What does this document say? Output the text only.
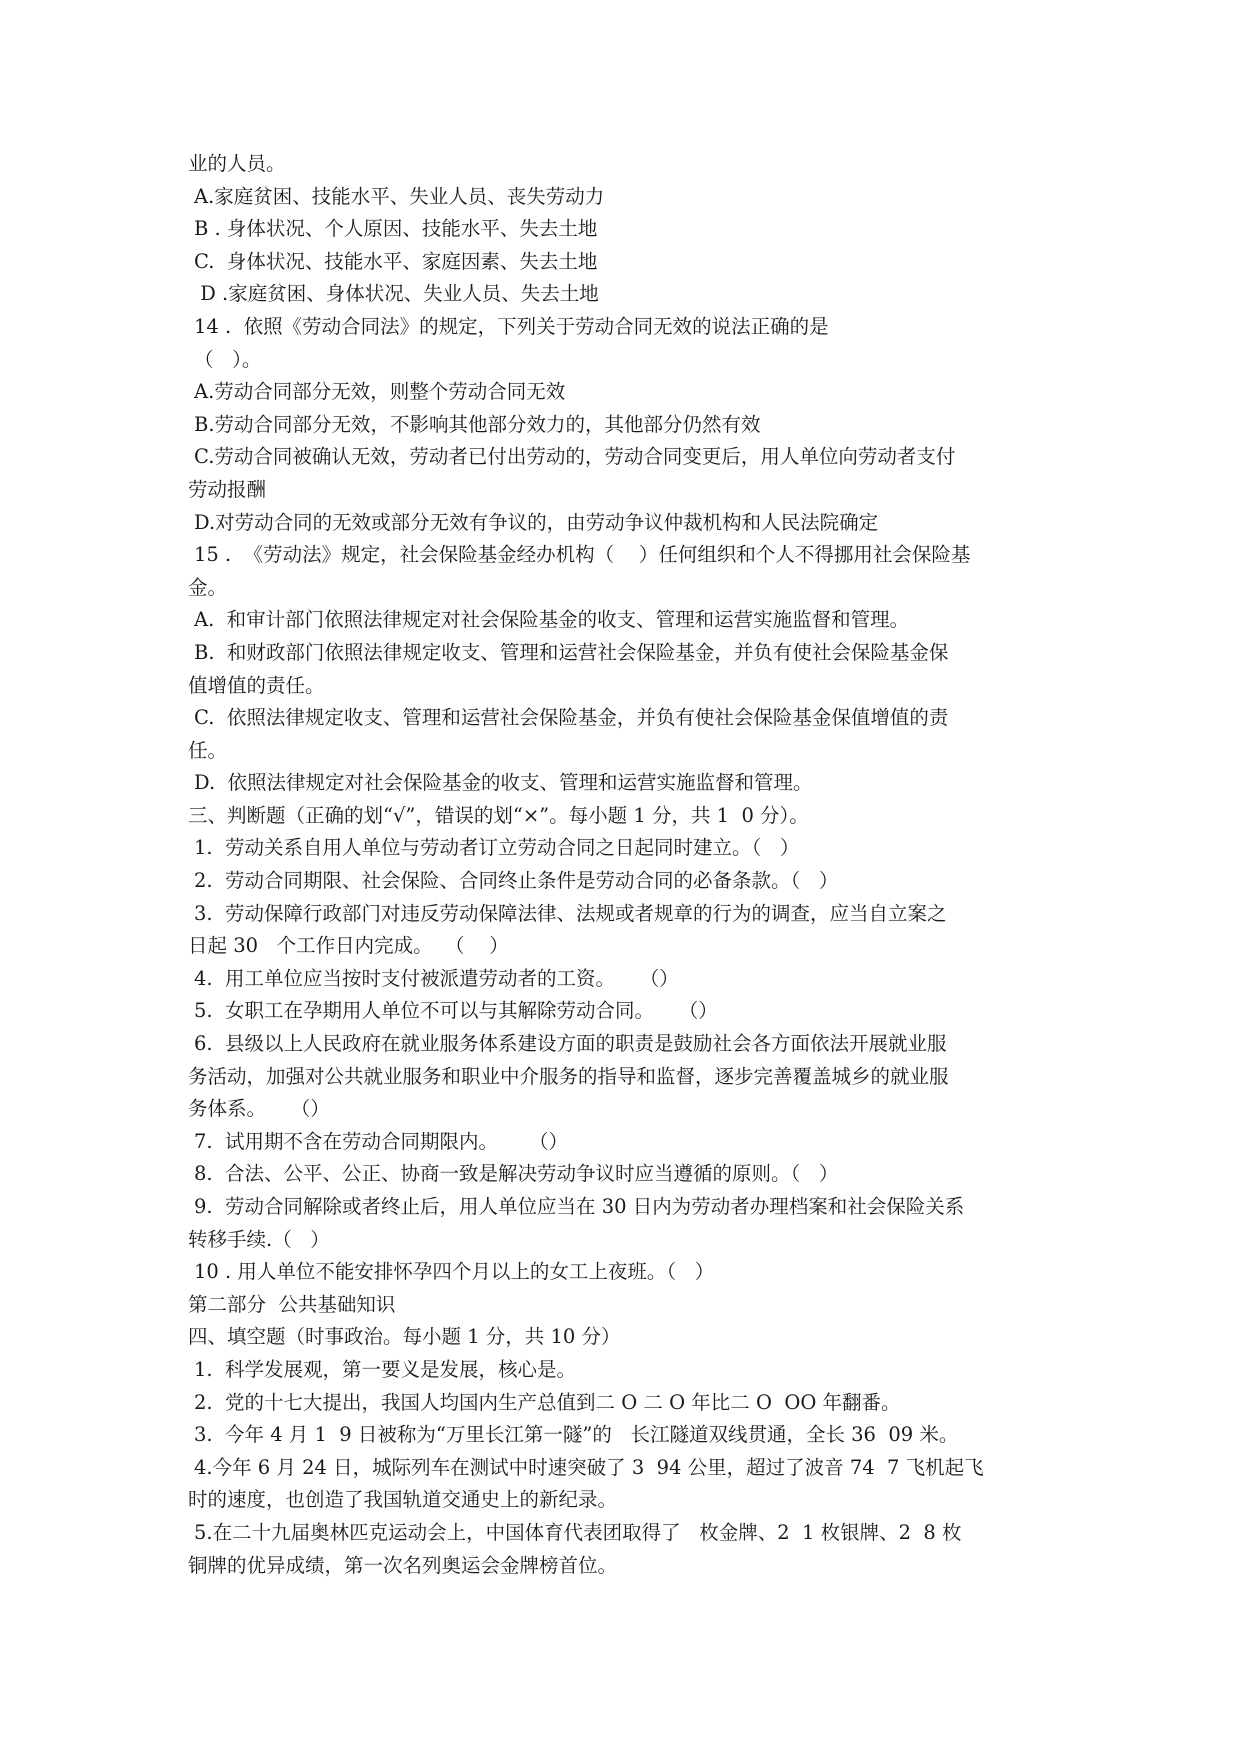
业的人员。
A.家庭贫困、技能水平、失业人员、丧失劳动力
B . 身体状况、个人原因、技能水平、失去土地
C.  身体状况、技能水平、家庭因素、失去土地
D .家庭贫困、身体状况、失业人员、失去土地
14 .  依照《劳动合同法》的规定，下列关于劳动合同无效的说法正确的是
（   ）。
A.劳动合同部分无效，则整个劳动合同无效
B.劳动合同部分无效，不影响其他部分效力的，其他部分仍然有效
C.劳动合同被确认无效，劳动者已付出劳动的，劳动合同变更后，用人单位向劳动者支付
劳动报酬
D.对劳动合同的无效或部分无效有争议的，由劳动争议仲裁机构和人民法院确定
15 .  《劳动法》规定，社会保险基金经办机构（    ）任何组织和个人不得挪用社会保险基
金。
A.  和审计部门依照法律规定对社会保险基金的收支、管理和运营实施监督和管理。
B.  和财政部门依照法律规定收支、管理和运营社会保险基金，并负有使社会保险基金保
值增值的责任。
C.  依照法律规定收支、管理和运营社会保险基金，并负有使社会保险基金保值增值的责
任。
D.  依照法律规定对社会保险基金的收支、管理和运营实施监督和管理。
三、判断题（正确的划“√”，错误的划“×”。每小题 1 分，共 1  0 分）。
1.  劳动关系自用人单位与劳动者订立劳动合同之日起同时建立。（   ）
2.  劳动合同期限、社会保险、合同终止条件是劳动合同的必备条款。（   ）
3.  劳动保障行政部门对违反劳动保障法律、法规或者规章的行为的调查，应当自立案之
日起 30   个工作日内完成。  （    ）
4.  用工单位应当按时支付被派遣劳动者的工资。    （）
5.  女职工在孕期用人单位不可以与其解除劳动合同。    （）
6.  县级以上人民政府在就业服务体系建设方面的职责是鼓励社会各方面依法开展就业服
务活动，加强对公共就业服务和职业中介服务的指导和监督，逐步完善覆盖城乡的就业服
务体系。    （）
7.  试用期不含在劳动合同期限内。     （）
8.  合法、公平、公正、协商一致是解决劳动争议时应当遵循的原则。（   ）
9.  劳动合同解除或者终止后，用人单位应当在 30 日内为劳动者办理档案和社会保险关系
转移手续.（   ）
10 . 用人单位不能安排怀孕四个月以上的女工上夜班。（   ）
第二部分  公共基础知识
四、填空题（时事政治。每小题 1 分，共 10 分）
1.  科学发展观，第一要义是发展，核心是。
2.  党的十七大提出，我国人均国内生产总值到二 O 二 O 年比二 O  OO 年翻番。
3.  今年 4 月 1  9 日被称为“万里长江第一隧”的   长江隧道双线贯通，全长 36  09 米。
4.今年 6 月 24 日，城际列车在测试中时速突破了 3  94 公里，超过了波音 74  7 飞机起飞
时的速度，也创造了我国轨道交通史上的新纪录。
5.在二十九届奥林匹克运动会上，中国体育代表团取得了   枚金牌、2  1 枚银牌、2  8 枚
铜牌的优异成绩，第一次名列奥运会金牌榜首位。
